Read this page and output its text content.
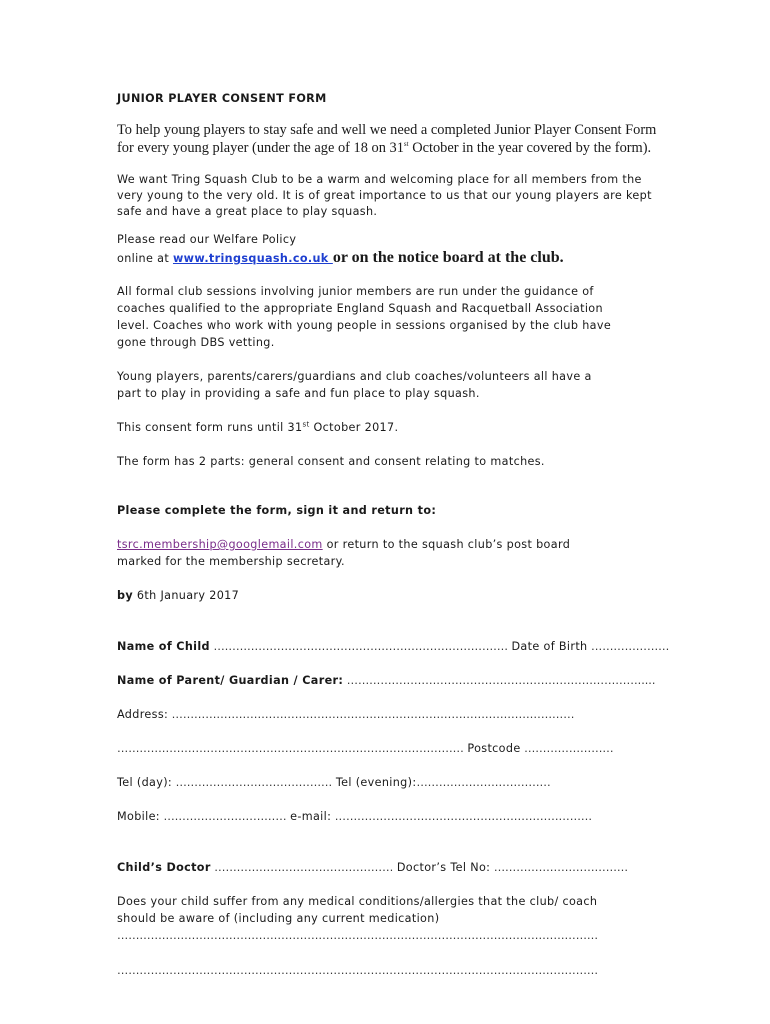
JUNIOR PLAYER CONSENT FORM
To help young players to stay safe and well we need a completed Junior Player Consent Form
for every young player (under the age of 18 on 31st October in the year covered by the form).
We want Tring Squash Club to be a warm and welcoming place for all members from the
very young to the very old. It is of great importance to us that our young players are kept
safe and have a great place to play squash.
Please read our Welfare Policy
online at www.tringsquash.co.uk or on the notice board at the club.
All formal club sessions involving junior members are run under the guidance of
coaches qualified to the appropriate England Squash and Racquetball Association
level. Coaches who work with young people in sessions organised by the club have
gone through DBS vetting.
Young players, parents/carers/guardians and club coaches/volunteers all have a
part to play in providing a safe and fun place to play squash.
This consent form runs until 31st October 2017.
The form has 2 parts: general consent and consent relating to matches.
Please complete the form, sign it and return to:
tsrc.membership@googlemail.com or return to the squash club’s post board
marked for the membership secretary.
by 6th January 2017
Name of Child ……………………………………………………………………. Date of Birth …………………
Name of Parent/ Guardian / Carer: …………………………………………………………………….....
Address: ………………………………………………………………………………………………
………………………………………………………………………………… Postcode ……………………
Tel (day): …………………………………… Tel (evening):………………………………
Mobile: …………………………… e-mail: ……………………………………………………………
Child’s Doctor ………………………………………… Doctor’s Tel No: ………………………………
Does your child suffer from any medical conditions/allergies that the club/ coach
should be aware of (including any current medication)
…………………………………………………………………………………………………………………
…………………………………………………………………………………………………………………
